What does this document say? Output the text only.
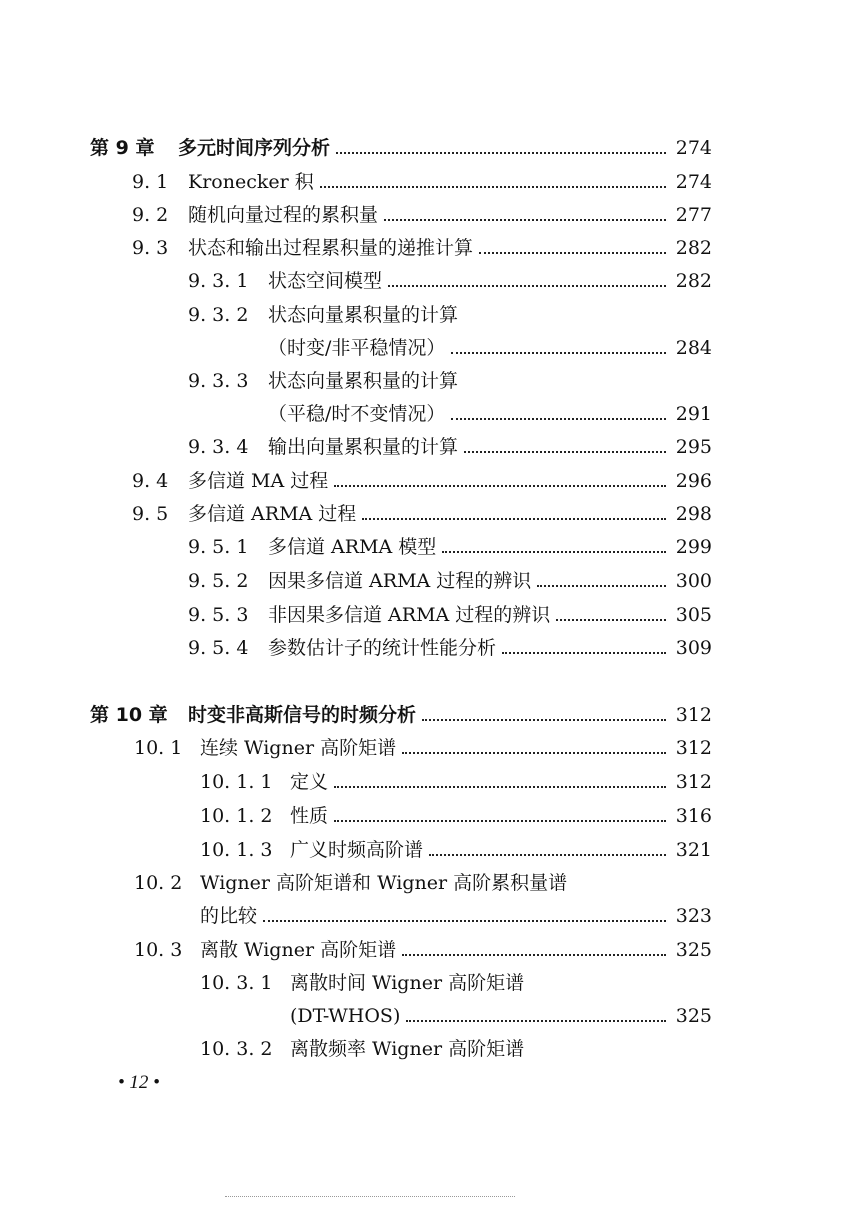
第 9 章 多元时间序列分析	274
9. 1 Kronecker 积	274
9. 2 随机向量过程的累积量	277
9. 3 状态和输出过程累积量的递推计算	282
9. 3. 1 状态空间模型	282
9. 3. 2 状态向量累积量的计算
（时变/非平稳情况）	284
9. 3. 3 状态向量累积量的计算
（平稳/时不变情况）	291
9. 3. 4 输出向量累积量的计算	295
9. 4 多信道 MA 过程	296
9. 5 多信道 ARMA 过程	298
9. 5. 1 多信道 ARMA 模型	299
9. 5. 2 因果多信道 ARMA 过程的辨识	300
9. 5. 3 非因果多信道 ARMA 过程的辨识	305
9. 5. 4 参数估计子的统计性能分析	309
第 10 章 时变非高斯信号的时频分析	312
10. 1 连续 Wigner 高阶矩谱	312
10. 1. 1 定义	312
10. 1. 2 性质	316
10. 1. 3 广义时频高阶谱	321
10. 2 Wigner 高阶矩谱和 Wigner 高阶累积量谱
的比较	323
10. 3 离散 Wigner 高阶矩谱	325
10. 3. 1 离散时间 Wigner 高阶矩谱
(DT-WHOS)	325
10. 3. 2 离散频率 Wigner 高阶矩谱
• 12 •
